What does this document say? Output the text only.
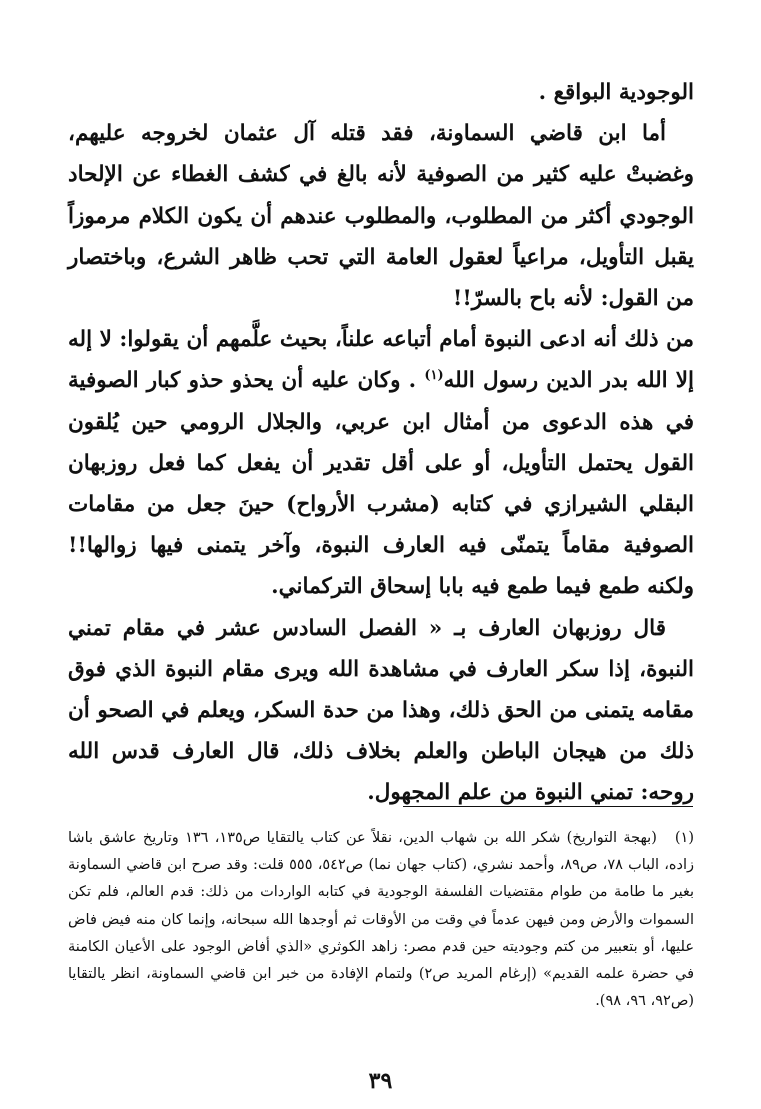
الوجودية البواقع .

أما ابن قاضي السماونة، فقد قتله آل عثمان لخروجه عليهم، وغضبتْ عليه كثير من الصوفية لأنه بالغ في كشف الغطاء عن الإلحاد الوجودي أكثر من المطلوب، والمطلوب عندهم أن يكون الكلام مرموزاً يقبل التأويل، مراعياً لعقول العامة التي تحب ظاهر الشرع، وباختصار من القول: لأنه باح بالسرّ!!

من ذلك أنه ادعى النبوة أمام أتباعه علناً، بحيث علَّمهم أن يقولوا: لا إله إلا الله بدر الدين رسول الله$^{(١)}$ . وكان عليه أن يحذو حذو كبار الصوفية في هذه الدعوى من أمثال ابن عربي، والجلال الرومي حين يُلقون القول يحتمل التأويل، أو على أقل تقدير أن يفعل كما فعل روزبهان البقلي الشيرازي في كتابه (مشرب الأرواح) حينَ جعل من مقامات الصوفية مقاماً يتمنّى فيه العارف النبوة، وآخر يتمنى فيها زوالها!! ولكنه طمع فيما طمع فيه بابا إسحاق التركماني.

قال روزبهان العارف بـ « الفصل السادس عشر في مقام تمني النبوة، إذا سكر العارف في مشاهدة الله ويرى مقام النبوة الذي فوق مقامه يتمنى من الحق ذلك، وهذا من حدة السكر، ويعلم في الصحو أن ذلك من هيجان الباطن والعلم بخلاف ذلك، قال العارف قدس الله روحه: تمني النبوة من علم المجهول.

(١)(بهجة التواريخ) شكر الله بن شهاب الدين، نقلاً عن كتاب يالتقايا ص١٣٥، ١٣٦ وتاريخ عاشق باشا زاده، الباب ٧٨، ص٨٩، وأحمد نشري، (كتاب جهان نما) ص٥٤٢، ٥٥٥ قلت: وقد صرح ابن قاضي السماونة بغير ما طامة من طوام مقتضيات الفلسفة الوجودية في كتابه الواردات من ذلك: قدم العالم، فلم تكن السموات والأرض ومن فيهن عدماً في وقت من الأوقات ثم أوجدها الله سبحانه، وإنما كان منه فيض فاض عليها، أو بتعبير من كتم وجوديته حين قدم مصر: زاهد الكوثري «الذي أفاض الوجود على الأعيان الكامنة في حضرة علمه القديم» (إرغام المريد ص٢) ولتمام الإفادة من خبر ابن قاضي السماونة، انظر يالتقايا (ص٩٢، ٩٦، ٩٨).

٣٩
